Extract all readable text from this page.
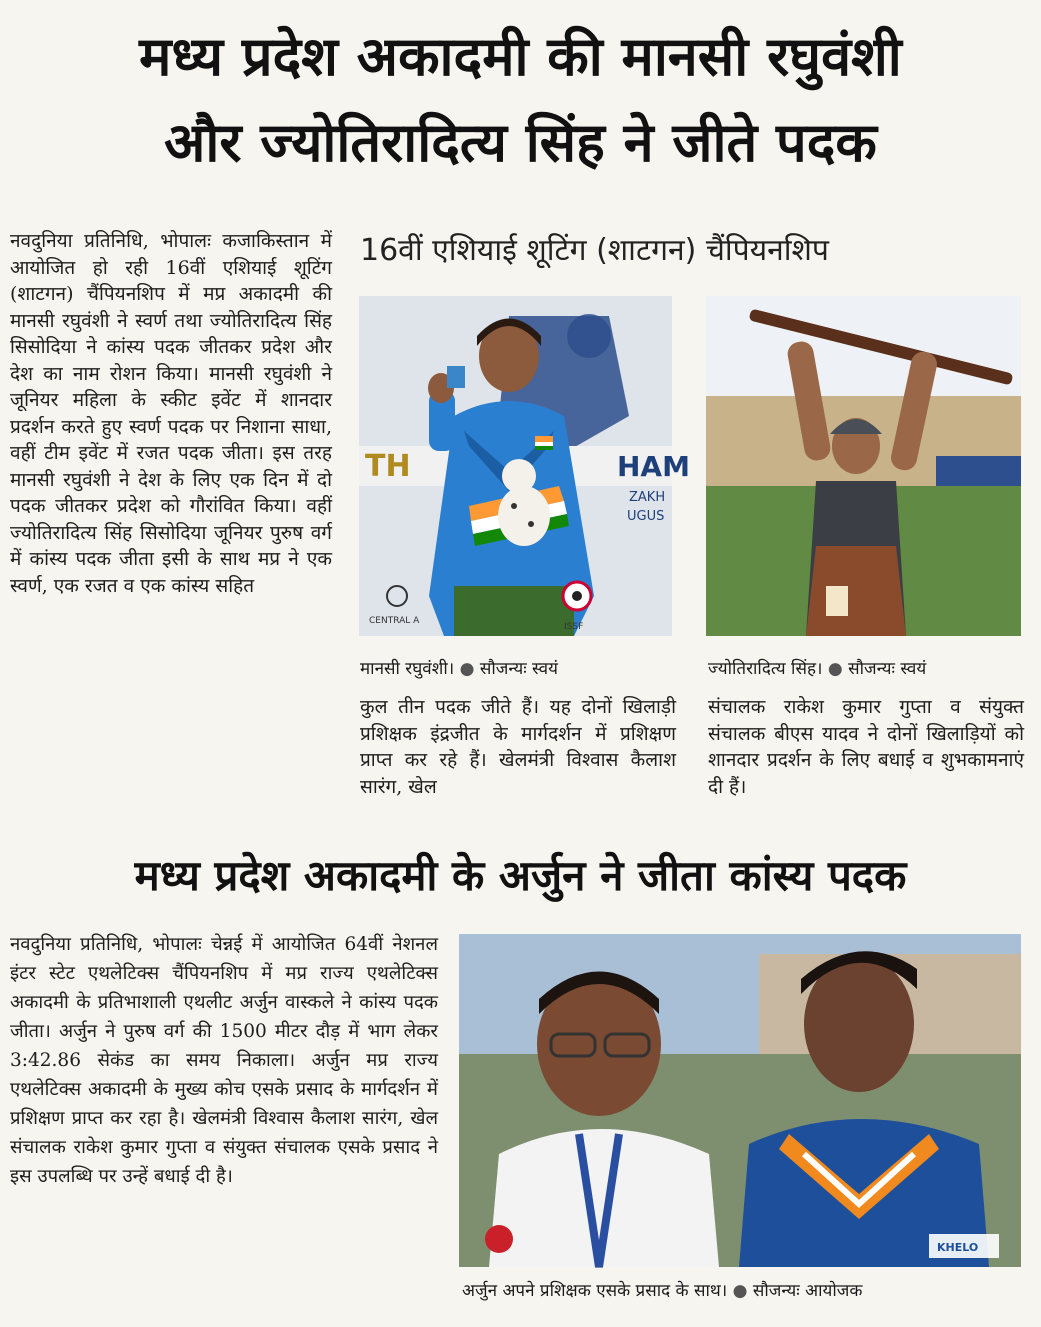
मध्य प्रदेश अकादमी की मानसी रघुवंशी
और ज्योतिरादित्य सिंह ने जीते पदक
16वीं एशियाई शूटिंग (शाटगन) चैंपियनशिप
नवदुनिया प्रतिनिधि, भोपालः कजाकिस्तान में आयोजित हो रही 16वीं एशियाई शूटिंग (शाटगन) चैंपियनशिप में मप्र अकादमी की मानसी रघुवंशी ने स्वर्ण तथा ज्योतिरादित्य सिंह सिसोदिया ने कांस्य पदक जीतकर प्रदेश और देश का नाम रोशन किया। मानसी रघुवंशी ने जूनियर महिला के स्कीट इवेंट में शानदार प्रदर्शन करते हुए स्वर्ण पदक पर निशाना साधा, वहीं टीम इवेंट में रजत पदक जीता। इस तरह मानसी रघुवंशी ने देश के लिए एक दिन में दो पदक जीतकर प्रदेश को गौरांवित किया। वहीं ज्योतिरादित्य सिंह सिसोदिया जूनियर पुरुष वर्ग में कांस्य पदक जीता इसी के साथ मप्र ने एक स्वर्ण, एक रजत व एक कांस्य सहित
TH	HAM
ZAKH
UGUS
CENTRAL A
ISSF
मानसी रघुवंशी। ● सौजन्यः स्वयं	ज्योतिरादित्य सिंह। ● सौजन्यः स्वयं
कुल तीन पदक जीते हैं। यह दोनों खिलाड़ी प्रशिक्षक इंद्रजीत के मार्गदर्शन में प्रशिक्षण प्राप्त कर रहे हैं। खेलमंत्री विश्वास कैलाश सारंग, खेल
संचालक राकेश कुमार गुप्ता व संयुक्त संचालक बीएस यादव ने दोनों खिलाड़ियों को शानदार प्रदर्शन के लिए बधाई व शुभकामनाएं दी हैं।
मध्य प्रदेश अकादमी के अर्जुन ने जीता कांस्य पदक
नवदुनिया प्रतिनिधि, भोपालः चेन्नई में आयोजित 64वीं नेशनल इंटर स्टेट एथलेटिक्स चैंपियनशिप में मप्र राज्य एथलेटिक्स अकादमी के प्रतिभाशाली एथलीट अर्जुन वास्कले ने कांस्य पदक जीता। अर्जुन ने पुरुष वर्ग की 1500 मीटर दौड़ में भाग लेकर 3:42.86 सेकंड का समय निकाला। अर्जुन मप्र राज्य एथलेटिक्स अकादमी के मुख्य कोच एसके प्रसाद के मार्गदर्शन में प्रशिक्षण प्राप्त कर रहा है। खेलमंत्री विश्वास कैलाश सारंग, खेल संचालक राकेश कुमार गुप्ता व संयुक्त संचालक एसके प्रसाद ने इस उपलब्धि पर उन्हें बधाई दी है।
KHELO
अर्जुन अपने प्रशिक्षक एसके प्रसाद के साथ। ● सौजन्यः आयोजक
